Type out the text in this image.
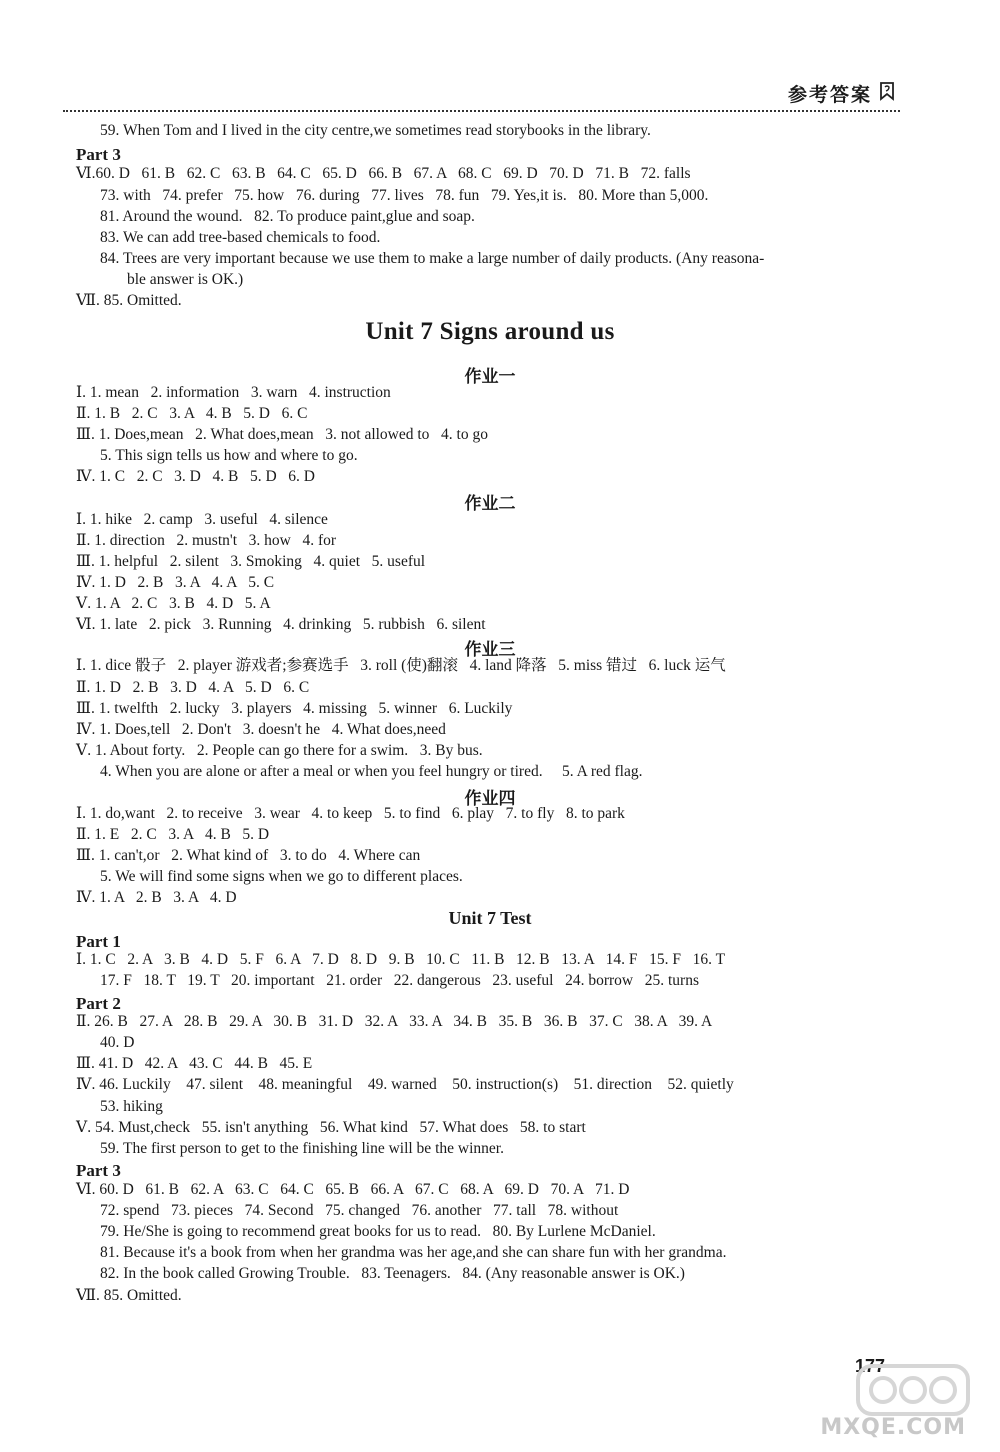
参考答案
59. When Tom and I lived in the city centre,we sometimes read storybooks in the library.
Ⅵ.60. D   61. B   62. C   63. B   64. C   65. D   66. B   67. A   68. C   69. D   70. D   71. B   72. falls
73. with   74. prefer   75. how   76. during   77. lives   78. fun   79. Yes,it is.   80. More than 5,000.
81. Around the wound.   82. To produce paint,glue and soap.
83. We can add tree-based chemicals to food.
84. Trees are very important because we use them to make a large number of daily products. (Any reasona-
ble answer is OK.)
Ⅶ. 85. Omitted.
Ⅰ. 1. mean   2. information   3. warn   4. instruction
Ⅱ. 1. B   2. C   3. A   4. B   5. D   6. C
Ⅲ. 1. Does,mean   2. What does,mean   3. not allowed to   4. to go
5. This sign tells us how and where to go.
Ⅳ. 1. C   2. C   3. D   4. B   5. D   6. D
Ⅰ. 1. hike   2. camp   3. useful   4. silence
Ⅱ. 1. direction   2. mustn't   3. how   4. for
Ⅲ. 1. helpful   2. silent   3. Smoking   4. quiet   5. useful
Ⅳ. 1. D   2. B   3. A   4. A   5. C
Ⅴ. 1. A   2. C   3. B   4. D   5. A
Ⅵ. 1. late   2. pick   3. Running   4. drinking   5. rubbish   6. silent
Ⅰ. 1. dice 骰子   2. player 游戏者;参赛选手   3. roll (使)翻滚   4. land 降落   5. miss 错过   6. luck 运气
Ⅱ. 1. D   2. B   3. D   4. A   5. D   6. C
Ⅲ. 1. twelfth   2. lucky   3. players   4. missing   5. winner   6. Luckily
Ⅳ. 1. Does,tell   2. Don't   3. doesn't he   4. What does,need
Ⅴ. 1. About forty.   2. People can go there for a swim.   3. By bus.
4. When you are alone or after a meal or when you feel hungry or tired.     5. A red flag.
Ⅰ. 1. do,want   2. to receive   3. wear   4. to keep   5. to find   6. play   7. to fly   8. to park
Ⅱ. 1. E   2. C   3. A   4. B   5. D
Ⅲ. 1. can't,or   2. What kind of   3. to do   4. Where can
5. We will find some signs when we go to different places.
Ⅳ. 1. A   2. B   3. A   4. D
Ⅰ. 1. C   2. A   3. B   4. D   5. F   6. A   7. D   8. D   9. B   10. C   11. B   12. B   13. A   14. F   15. F   16. T
17. F   18. T   19. T   20. important   21. order   22. dangerous   23. useful   24. borrow   25. turns
Ⅱ. 26. B   27. A   28. B   29. A   30. B   31. D   32. A   33. A   34. B   35. B   36. B   37. C   38. A   39. A
40. D
Ⅲ. 41. D   42. A   43. C   44. B   45. E
Ⅳ. 46. Luckily    47. silent    48. meaningful    49. warned    50. instruction(s)    51. direction    52. quietly
53. hiking
Ⅴ. 54. Must,check   55. isn't anything   56. What kind   57. What does   58. to start
59. The first person to get to the finishing line will be the winner.
Ⅵ. 60. D   61. B   62. A   63. C   64. C   65. B   66. A   67. C   68. A   69. D   70. A   71. D
72. spend   73. pieces   74. Second   75. changed   76. another   77. tall   78. without
79. He/She is going to recommend great books for us to read.   80. By Lurlene McDaniel.
81. Because it's a book from when her grandma was her age,and she can share fun with her grandma.
82. In the book called Growing Trouble.   83. Teenagers.   84. (Any reasonable answer is OK.)
Ⅶ. 85. Omitted.
Part 3
Part 1
Part 2
Part 3
Unit 7 Signs around us
作业一
作业二
作业三
作业四
Unit 7 Test
177
MXQE.COM
